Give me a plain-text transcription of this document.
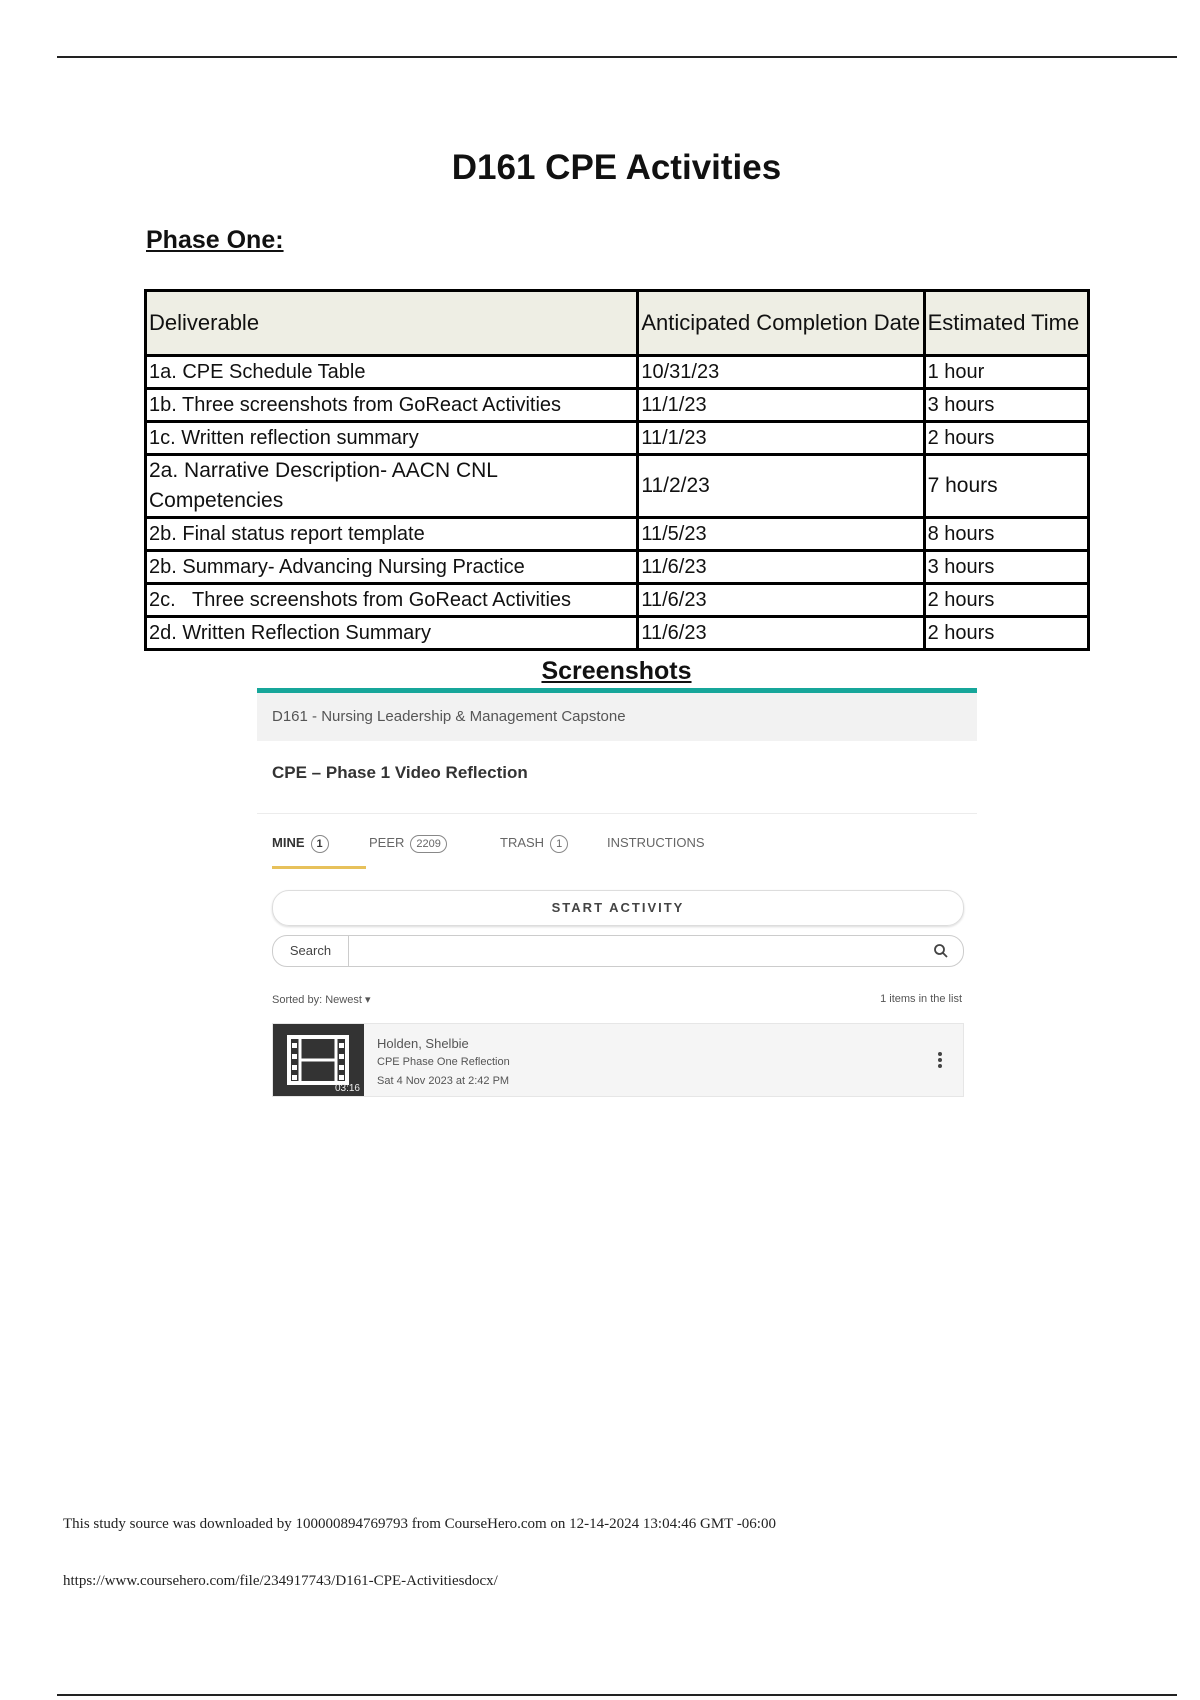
D161 CPE Activities
Phase One:
Deliverable	Anticipated Completion Date	Estimated Time
1a. CPE Schedule Table	10/31/23	1 hour
1b. Three screenshots from GoReact Activities	11/1/23	3 hours
1c. Written reflection summary	11/1/23	2 hours
2a. Narrative Description- AACN CNL Competencies	11/2/23	7 hours
2b. Final status report template	11/5/23	8 hours
2b. Summary- Advancing Nursing Practice	11/6/23	3 hours
2c.   Three screenshots from GoReact Activities	11/6/23	2 hours
2d. Written Reflection Summary	11/6/23	2 hours
Screenshots
D161 - Nursing Leadership & Management Capstone
CPE – Phase 1 Video Reflection
MINE 1	PEER 2209	TRASH 1	INSTRUCTIONS
START ACTIVITY
Search
Sorted by: Newest ▾	1 items in the list
03:16
Holden, Shelbie
CPE Phase One Reflection
Sat 4 Nov 2023 at 2:42 PM
This study source was downloaded by 100000894769793 from CourseHero.com on 12-14-2024 13:04:46 GMT -06:00
https://www.coursehero.com/file/234917743/D161-CPE-Activitiesdocx/
